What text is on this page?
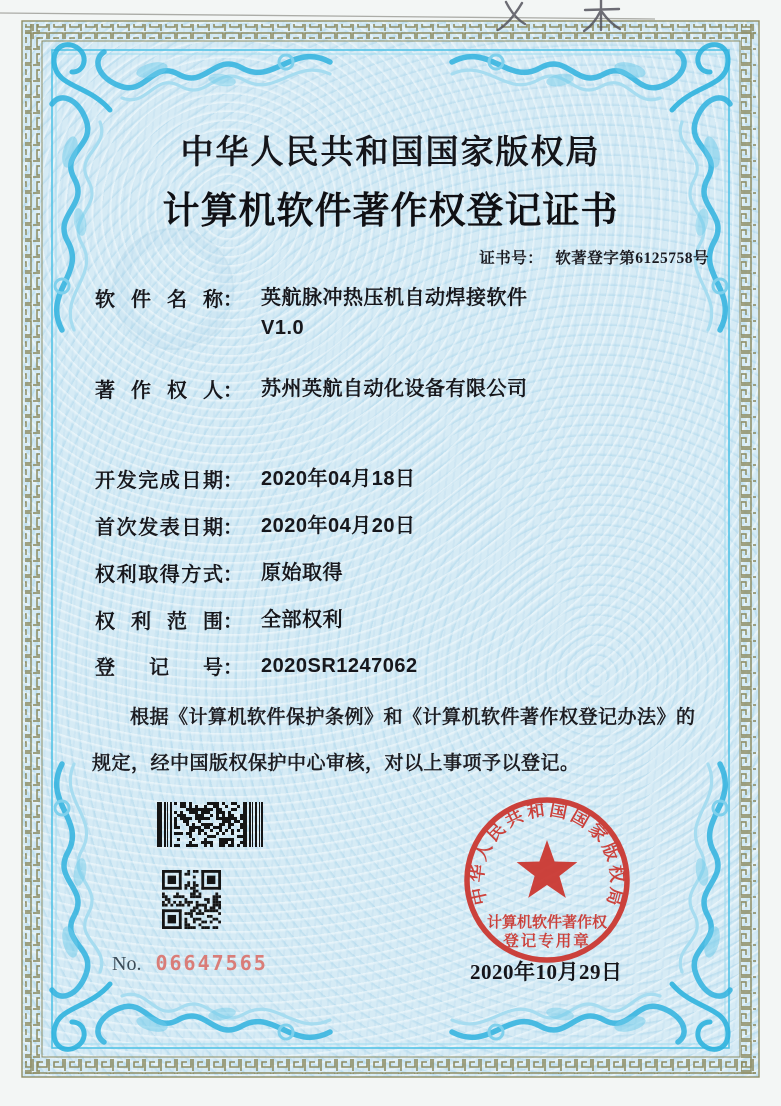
中华人民共和国国家版权局
计算机软件著作权登记证书
证书号： 软著登字第6125758号
软件名称 ： 英航脉冲热压机自动焊接软件
V1.0
著作权人 ： 苏州英航自动化设备有限公司
开发完成日期 ： 2020年04月18日
首次发表日期 ： 2020年04月20日
权利取得方式 ： 原始取得
权利范围 ： 全部权利
登记号 ： 2020SR1247062
根据《计算机软件保护条例》和《计算机软件著作权登记办法》的
规定，经中国版权保护中心审核，对以上事项予以登记。
No. 06647565
中华人民共和国国家版权局
计算机软件著作权
登记专用章
2020年10月29日
